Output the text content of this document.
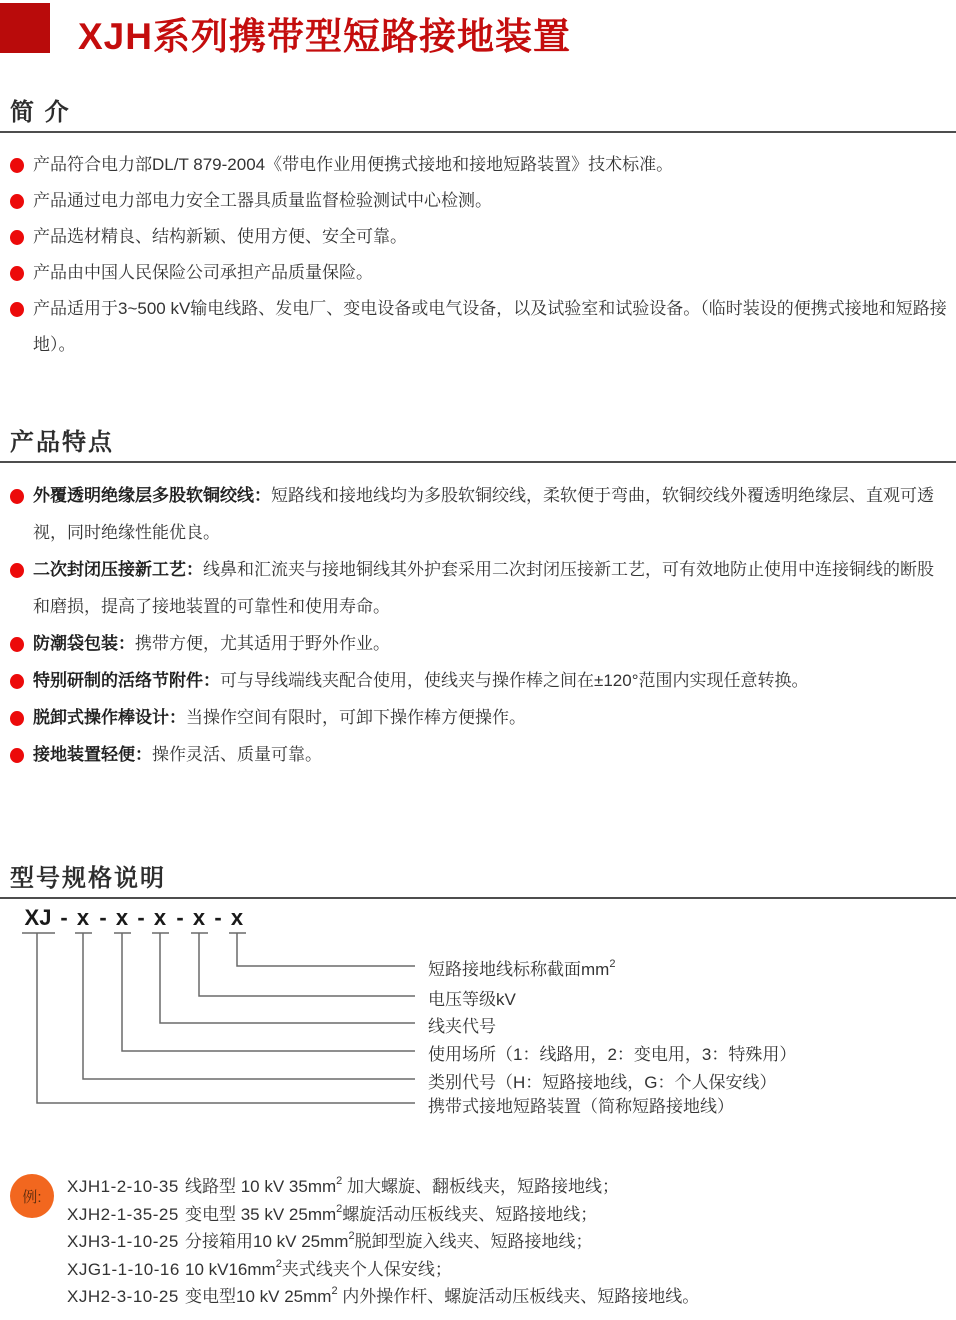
XJH系列携带型短路接地装置
简 介
产品符合电力部DL/T 879-2004《带电作业用便携式接地和接地短路装置》技术标准。
产品通过电力部电力安全工器具质量监督检验测试中心检测。
产品选材精良、结构新颖、使用方便、安全可靠。
产品由中国人民保险公司承担产品质量保险。
产品适用于3~500 kV输电线路、发电厂、变电设备或电气设备，以及试验室和试验设备。（临时装设的便携式接地和短路接地）。
产品特点
外覆透明绝缘层多股软铜绞线：短路线和接地线均为多股软铜绞线，柔软便于弯曲，软铜绞线外覆透明绝缘层、直观可透视，同时绝缘性能优良。
二次封闭压接新工艺：线鼻和汇流夹与接地铜线其外护套采用二次封闭压接新工艺，可有效地防止使用中连接铜线的断股和磨损，提高了接地装置的可靠性和使用寿命。
防潮袋包装：携带方便，尤其适用于野外作业。
特别研制的活络节附件：可与导线端线夹配合使用，使线夹与操作棒之间在±120°范围内实现任意转换。
脱卸式操作棒设计：当操作空间有限时，可卸下操作棒方便操作。
接地装置轻便：操作灵活、质量可靠。
型号规格说明
XJ - x - x - x - x - x
短路接地线标称截面$mm^2$
电压等级kV
线夹代号
使用场所（1：线路用，2：变电用，3：特殊用）
类别代号（H：短路接地线，G：个人保安线）
携带式接地短路装置（简称短路接地线）
例:
XJH1-2-10-35 线路型 10 kV $35mm^2$ 加大螺旋、翻板线夹，短路接地线；
XJH2-1-35-25 变电型 35 kV $25mm^2$螺旋活动压板线夹、短路接地线；
XJH3-1-10-25 分接箱用10 kV $25mm^2$脱卸型旋入线夹、短路接地线；
XJG1-1-10-16 10 $kV16mm^2$夹式线夹个人保安线；
XJH2-3-10-25 变电型10 kV $25mm^2$ 内外操作杆、螺旋活动压板线夹、短路接地线。
